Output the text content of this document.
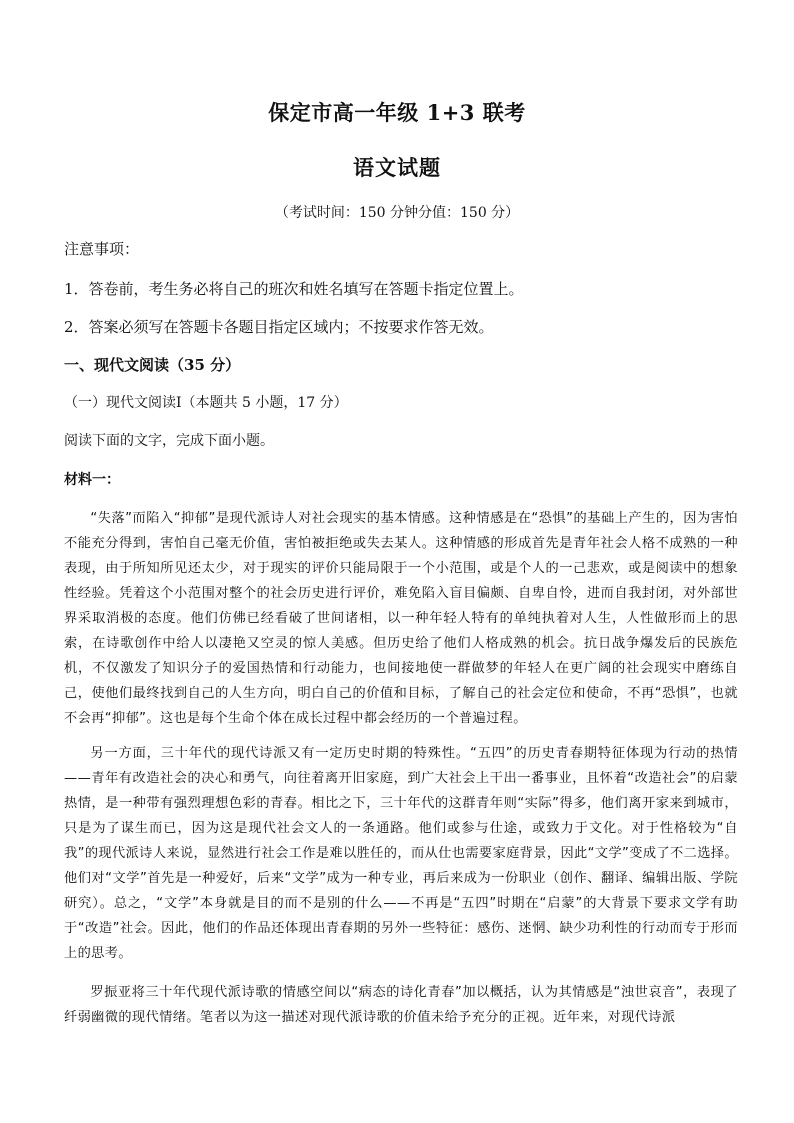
保定市高一年级 1+3 联考
语文试题
（考试时间：150 分钟分值：150 分）
注意事项：
1．答卷前，考生务必将自己的班次和姓名填写在答题卡指定位置上。
2．答案必须写在答题卡各题目指定区域内；不按要求作答无效。
一、现代文阅读（35 分）
（一）现代文阅读Ⅰ（本题共 5 小题，17 分）
阅读下面的文字，完成下面小题。
材料一：
“失落”而陷入“抑郁”是现代派诗人对社会现实的基本情感。这种情感是在“恐惧”的基础上产生的，因为害怕不能充分得到，害怕自己毫无价值，害怕被拒绝或失去某人。这种情感的形成首先是青年社会人格不成熟的一种表现，由于所知所见还太少，对于现实的评价只能局限于一个小范围，或是个人的一己悲欢，或是阅读中的想象性经验。凭着这个小范围对整个的社会历史进行评价，难免陷入盲目偏颇、自卑自怜，进而自我封闭，对外部世界采取消极的态度。他们仿佛已经看破了世间诸相，以一种年轻人特有的单纯执着对人生，人性做形而上的思索，在诗歌创作中给人以凄艳又空灵的惊人美感。但历史给了他们人格成熟的机会。抗日战争爆发后的民族危机，不仅激发了知识分子的爱国热情和行动能力，也间接地使一群做梦的年轻人在更广阔的社会现实中磨练自己，使他们最终找到自己的人生方向，明白自己的价值和目标，了解自己的社会定位和使命，不再“恐惧”，也就不会再“抑郁”。这也是每个生命个体在成长过程中都会经历的一个普遍过程。
另一方面，三十年代的现代诗派又有一定历史时期的特殊性。“五四”的历史青春期特征体现为行动的热情——青年有改造社会的决心和勇气，向往着离开旧家庭，到广大社会上干出一番事业，且怀着“改造社会”的启蒙热情，是一种带有强烈理想色彩的青春。相比之下，三十年代的这群青年则“实际”得多，他们离开家来到城市，只是为了谋生而已，因为这是现代社会文人的一条通路。他们或参与仕途，或致力于文化。对于性格较为“自我”的现代派诗人来说，显然进行社会工作是难以胜任的，而从仕也需要家庭背景，因此“文学”变成了不二选择。他们对“文学”首先是一种爱好，后来“文学”成为一种专业，再后来成为一份职业（创作、翻译、编辑出版、学院研究）。总之，“文学”本身就是目的而不是别的什么——不再是“五四”时期在“启蒙”的大背景下要求文学有助于“改造”社会。因此，他们的作品还体现出青春期的另外一些特征：感伤、迷惘、缺少功利性的行动而专于形而上的思考。
罗振亚将三十年代现代派诗歌的情感空间以“病态的诗化青春”加以概括，认为其情感是“浊世哀音”，表现了纤弱幽微的现代情绪。笔者以为这一描述对现代派诗歌的价值未给予充分的正视。近年来，对现代诗派
